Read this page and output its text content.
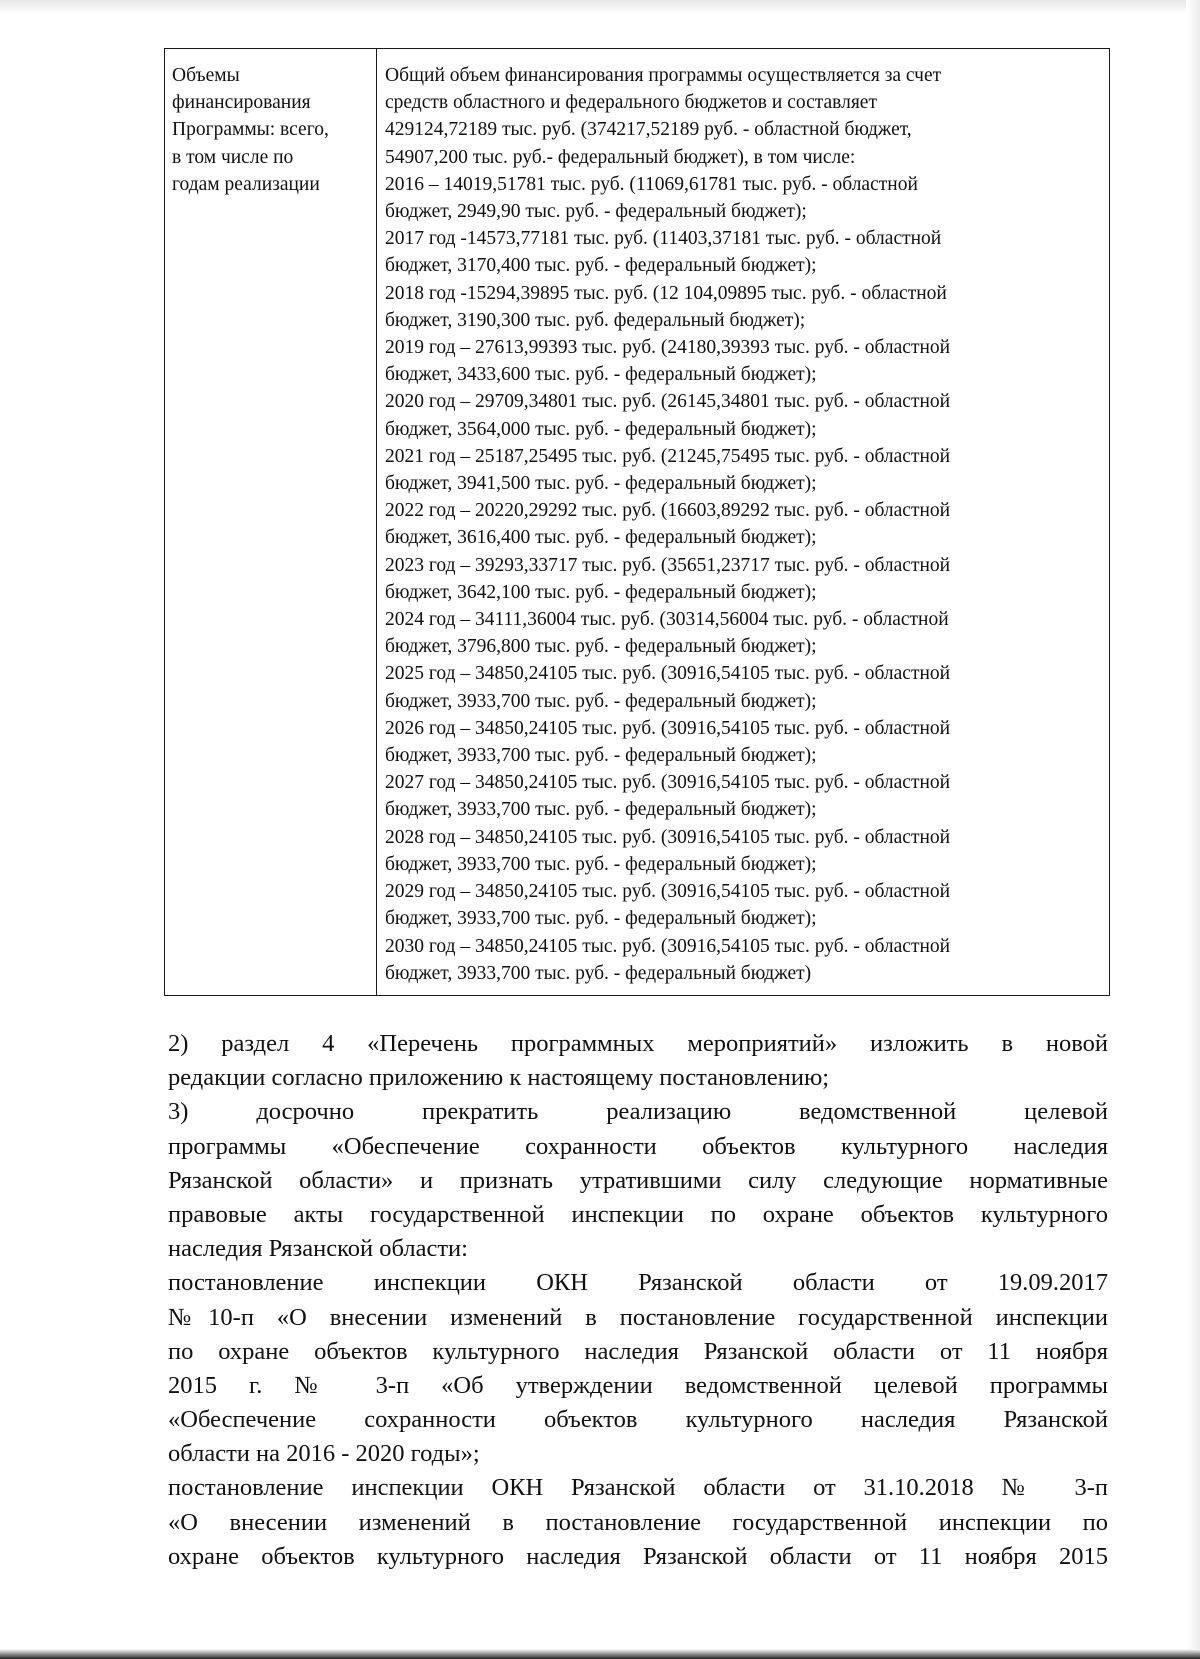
Объемы
финансирования
Программы: всего,
в том числе по
годам реализации
Общий объем финансирования программы осуществляется за счет
средств областного и федерального бюджетов и составляет
429124,72189 тыс. руб. (374217,52189 руб. - областной бюджет,
54907,200 тыс. руб.- федеральный бюджет), в том числе:
2016 – 14019,51781 тыс. руб. (11069,61781 тыс. руб. - областной
бюджет, 2949,90 тыс. руб. - федеральный бюджет);
2017 год -14573,77181 тыс. руб. (11403,37181 тыс. руб. - областной
бюджет, 3170,400 тыс. руб. - федеральный бюджет);
2018 год -15294,39895 тыс. руб. (12 104,09895 тыс. руб. - областной
бюджет, 3190,300 тыс. руб. федеральный бюджет);
2019 год – 27613,99393 тыс. руб. (24180,39393 тыс. руб. - областной
бюджет, 3433,600 тыс. руб. - федеральный бюджет);
2020 год – 29709,34801 тыс. руб. (26145,34801 тыс. руб. - областной
бюджет, 3564,000 тыс. руб. - федеральный бюджет);
2021 год – 25187,25495 тыс. руб. (21245,75495 тыс. руб. - областной
бюджет, 3941,500 тыс. руб. - федеральный бюджет);
2022 год – 20220,29292 тыс. руб. (16603,89292 тыс. руб. - областной
бюджет, 3616,400 тыс. руб. - федеральный бюджет);
2023 год – 39293,33717 тыс. руб. (35651,23717 тыс. руб. - областной
бюджет, 3642,100 тыс. руб. - федеральный бюджет);
2024 год – 34111,36004 тыс. руб. (30314,56004 тыс. руб. - областной
бюджет, 3796,800 тыс. руб. - федеральный бюджет);
2025 год – 34850,24105 тыс. руб. (30916,54105 тыс. руб. - областной
бюджет, 3933,700 тыс. руб. - федеральный бюджет);
2026 год – 34850,24105 тыс. руб. (30916,54105 тыс. руб. - областной
бюджет, 3933,700 тыс. руб. - федеральный бюджет);
2027 год – 34850,24105 тыс. руб. (30916,54105 тыс. руб. - областной
бюджет, 3933,700 тыс. руб. - федеральный бюджет);
2028 год – 34850,24105 тыс. руб. (30916,54105 тыс. руб. - областной
бюджет, 3933,700 тыс. руб. - федеральный бюджет);
2029 год – 34850,24105 тыс. руб. (30916,54105 тыс. руб. - областной
бюджет, 3933,700 тыс. руб. - федеральный бюджет);
2030 год – 34850,24105 тыс. руб. (30916,54105 тыс. руб. - областной
бюджет, 3933,700 тыс. руб. - федеральный бюджет)
2) раздел 4 «Перечень программных мероприятий» изложить в новой
редакции согласно приложению к настоящему постановлению;
3) досрочно прекратить реализацию ведомственной целевой
программы «Обеспечение сохранности объектов культурного наследия
Рязанской области» и признать утратившими силу следующие нормативные
правовые акты государственной инспекции по охране объектов культурного
наследия Рязанской области:
постановление инспекции ОКН Рязанской области от 19.09.2017
№10-п «О внесении изменений в постановление государственной инспекции
по охране объектов культурного наследия Рязанской области от 11 ноября
2015 г. № 3-п «Об утверждении ведомственной целевой программы
«Обеспечение сохранности объектов культурного наследия Рязанской
области на 2016 - 2020 годы»;
постановление инспекции ОКН Рязанской области от 31.10.2018 № 3-п
«О внесении изменений в постановление государственной инспекции по
охране объектов культурного наследия Рязанской области от 11 ноября 2015
